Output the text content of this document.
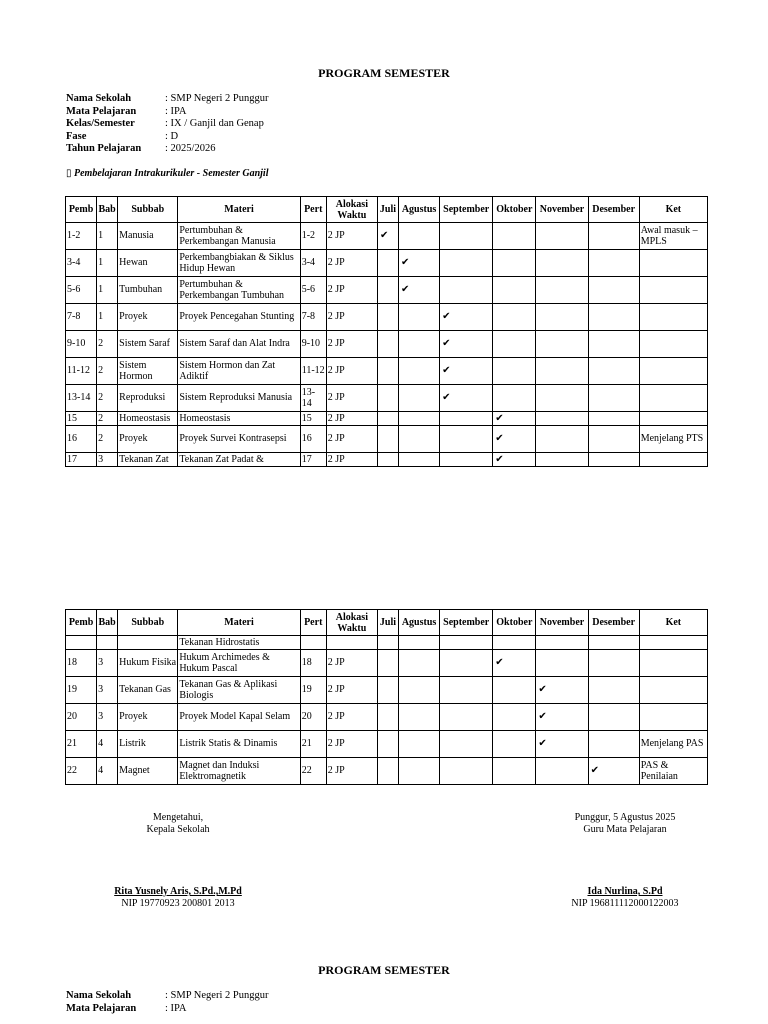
PROGRAM SEMESTER
Nama Sekolah	: SMP Negeri 2 Punggur
Mata Pelajaran	: IPA
Kelas/Semester	: IX / Ganjil dan Genap
Fase	: D
Tahun Pelajaran	: 2025/2026
▯ Pembelajaran Intrakurikuler - Semester Ganjil
Pemb	Bab	Subbab	Materi	Pert	Alokasi Waktu	Juli	Agustus	September	Oktober	November	Desember	Ket
1-2	1	Manusia	Pertumbuhan & Perkembangan Manusia	1-2	2 JP	✔						Awal masuk – MPLS
3-4	1	Hewan	Perkembangbiakan & Siklus Hidup Hewan	3-4	2 JP		✔					
5-6	1	Tumbuhan	Pertumbuhan & Perkembangan Tumbuhan	5-6	2 JP		✔					
7-8	1	Proyek	Proyek Pencegahan Stunting	7-8	2 JP			✔				
9-10	2	Sistem Saraf	Sistem Saraf dan Alat Indra	9-10	2 JP			✔				
11-12	2	Sistem Hormon	Sistem Hormon dan Zat Adiktif	11-12	2 JP			✔				
13-14	2	Reproduksi	Sistem Reproduksi Manusia	13-14	2 JP			✔				
15	2	Homeostasis	Homeostasis	15	2 JP				✔			
16	2	Proyek	Proyek Survei Kontrasepsi	16	2 JP				✔			Menjelang PTS
17	3	Tekanan Zat	Tekanan Zat Padat &	17	2 JP				✔			
Pemb	Bab	Subbab	Materi	Pert	Alokasi Waktu	Juli	Agustus	September	Oktober	November	Desember	Ket
			Tekanan Hidrostatis									
18	3	Hukum Fisika	Hukum Archimedes & Hukum Pascal	18	2 JP				✔			
19	3	Tekanan Gas	Tekanan Gas & Aplikasi Biologis	19	2 JP					✔		
20	3	Proyek	Proyek Model Kapal Selam	20	2 JP					✔		
21	4	Listrik	Listrik Statis & Dinamis	21	2 JP					✔		Menjelang PAS
22	4	Magnet	Magnet dan Induksi Elektromagnetik	22	2 JP						✔	PAS & Penilaian
Mengetahui,
Kepala Sekolah
Rita Yusnely Aris, S.Pd.,M.Pd
NIP 19770923 200801 2013
Punggur, 5 Agustus 2025
Guru Mata Pelajaran
Ida Nurlina, S.Pd
NIP 196811112000122003
PROGRAM SEMESTER
Nama Sekolah	: SMP Negeri 2 Punggur
Mata Pelajaran	: IPA
